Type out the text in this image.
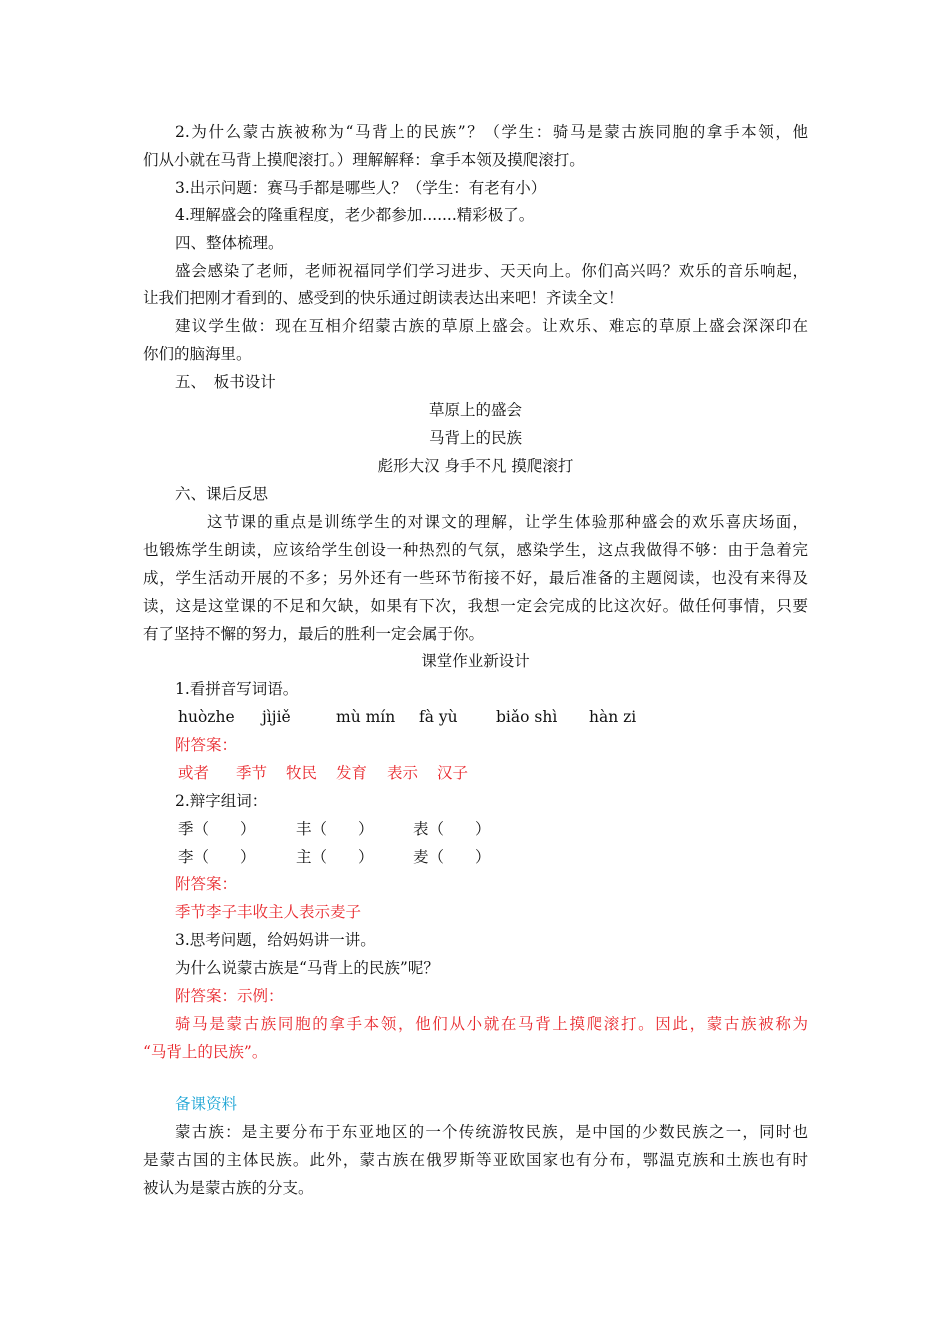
2.为什么蒙古族被称为“马背上的民族”？（学生：骑马是蒙古族同胞的拿手本领，他
们从小就在马背上摸爬滚打。）理解解释：拿手本领及摸爬滚打。
3.出示问题：赛马手都是哪些人？（学生：有老有小）
4.理解盛会的隆重程度，老少都参加.......精彩极了。
四、整体梳理。
盛会感染了老师，老师祝福同学们学习进步、天天向上。你们高兴吗？欢乐的音乐响起，
让我们把刚才看到的、感受到的快乐通过朗读表达出来吧！齐读全文！
建议学生做：现在互相介绍蒙古族的草原上盛会。让欢乐、难忘的草原上盛会深深印在
你们的脑海里。
五、　板书设计
草原上的盛会
马背上的民族
彪形大汉 身手不凡 摸爬滚打
六、课后反思
这节课的重点是训练学生的对课文的理解，让学生体验那种盛会的欢乐喜庆场面，
也锻炼学生朗读，应该给学生创设一种热烈的气氛，感染学生，这点我做得不够：由于急着完
成，学生活动开展的不多；另外还有一些环节衔接不好，最后准备的主题阅读，也没有来得及
读，这是这堂课的不足和欠缺，如果有下次，我想一定会完成的比这次好。做任何事情，只要
有了坚持不懈的努力，最后的胜利一定会属于你。
课堂作业新设计
1.看拼音写词语。
huòzhe jìjiě	mù mín fà yù biǎo shì hàn zi
附答案：
或者 季节 牧民 发育 表示 汉子
2.辩字组词：
季（　　）	丰（　　）	表（　　）
李（　　）	主（　　）	麦（　　）
附答案：
季节李子丰收主人表示麦子
3.思考问题，给妈妈讲一讲。
为什么说蒙古族是“马背上的民族”呢？
附答案：示例：
骑马是蒙古族同胞的拿手本领，他们从小就在马背上摸爬滚打。因此，蒙古族被称为
“马背上的民族”。
备课资料
蒙古族：是主要分布于东亚地区的一个传统游牧民族，是中国的少数民族之一，同时也
是蒙古国的主体民族。此外，蒙古族在俄罗斯等亚欧国家也有分布，鄂温克族和土族也有时
被认为是蒙古族的分支。
